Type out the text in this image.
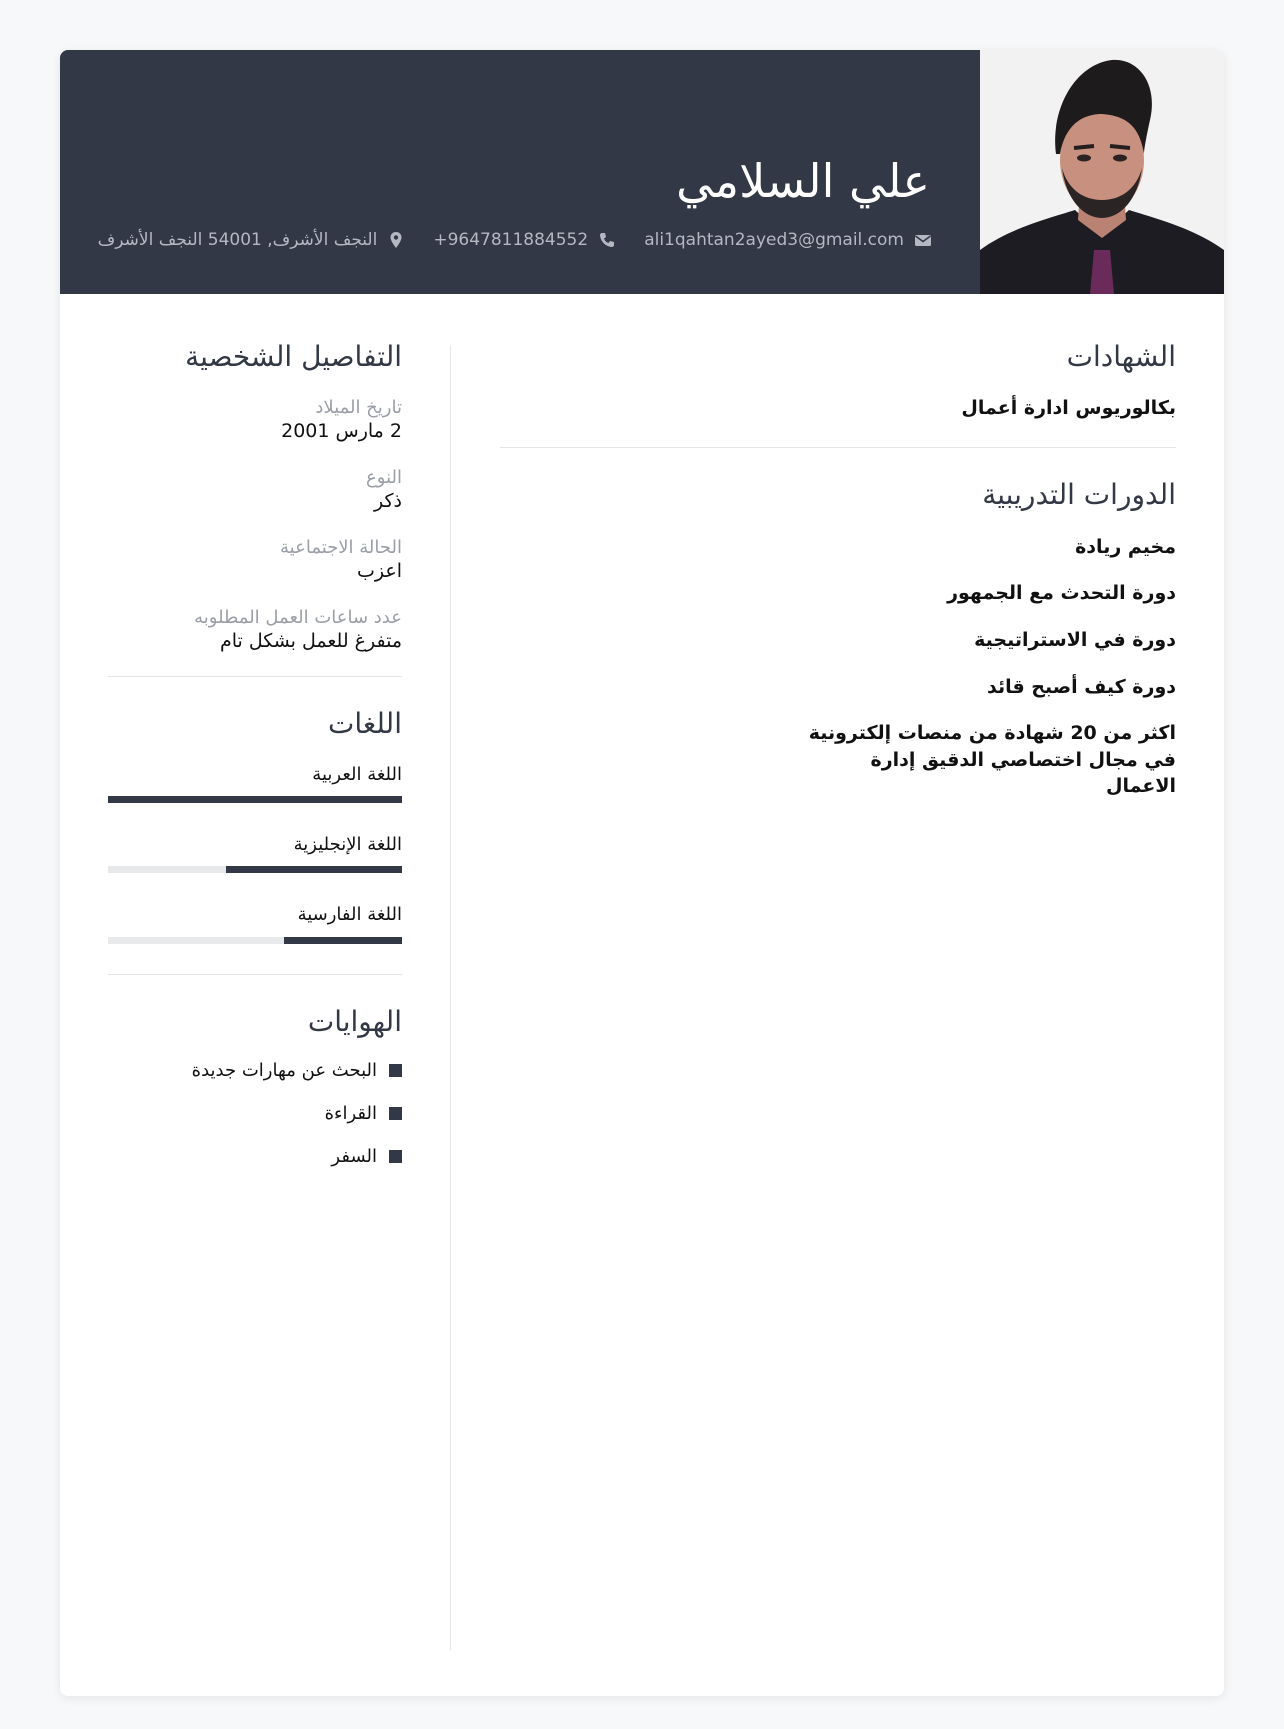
علي السلامي
ali1qahtan2ayed3@gmail.com
+9647811884552
النجف الأشرف, 54001 النجف الأشرف
التفاصيل الشخصية
تاريخ الميلاد
2 مارس 2001
النوع
ذكر
الحالة الاجتماعية
اعزب
عدد ساعات العمل المطلوبه
متفرغ للعمل بشكل تام
اللغات
اللغة العربية
اللغة الإنجليزية
اللغة الفارسية
الهوايات
البحث عن مهارات جديدة
القراءة
السفر
الشهادات
بكالوريوس ادارة أعمال
الدورات التدريبية
مخيم ريادة
دورة التحدث مع الجمهور
دورة في الاستراتيجية
دورة كيف أصبح قائد
اكثر من 20 شهادة من منصات إلكترونية في مجال اختصاصي الدقيق إدارة الاعمال
